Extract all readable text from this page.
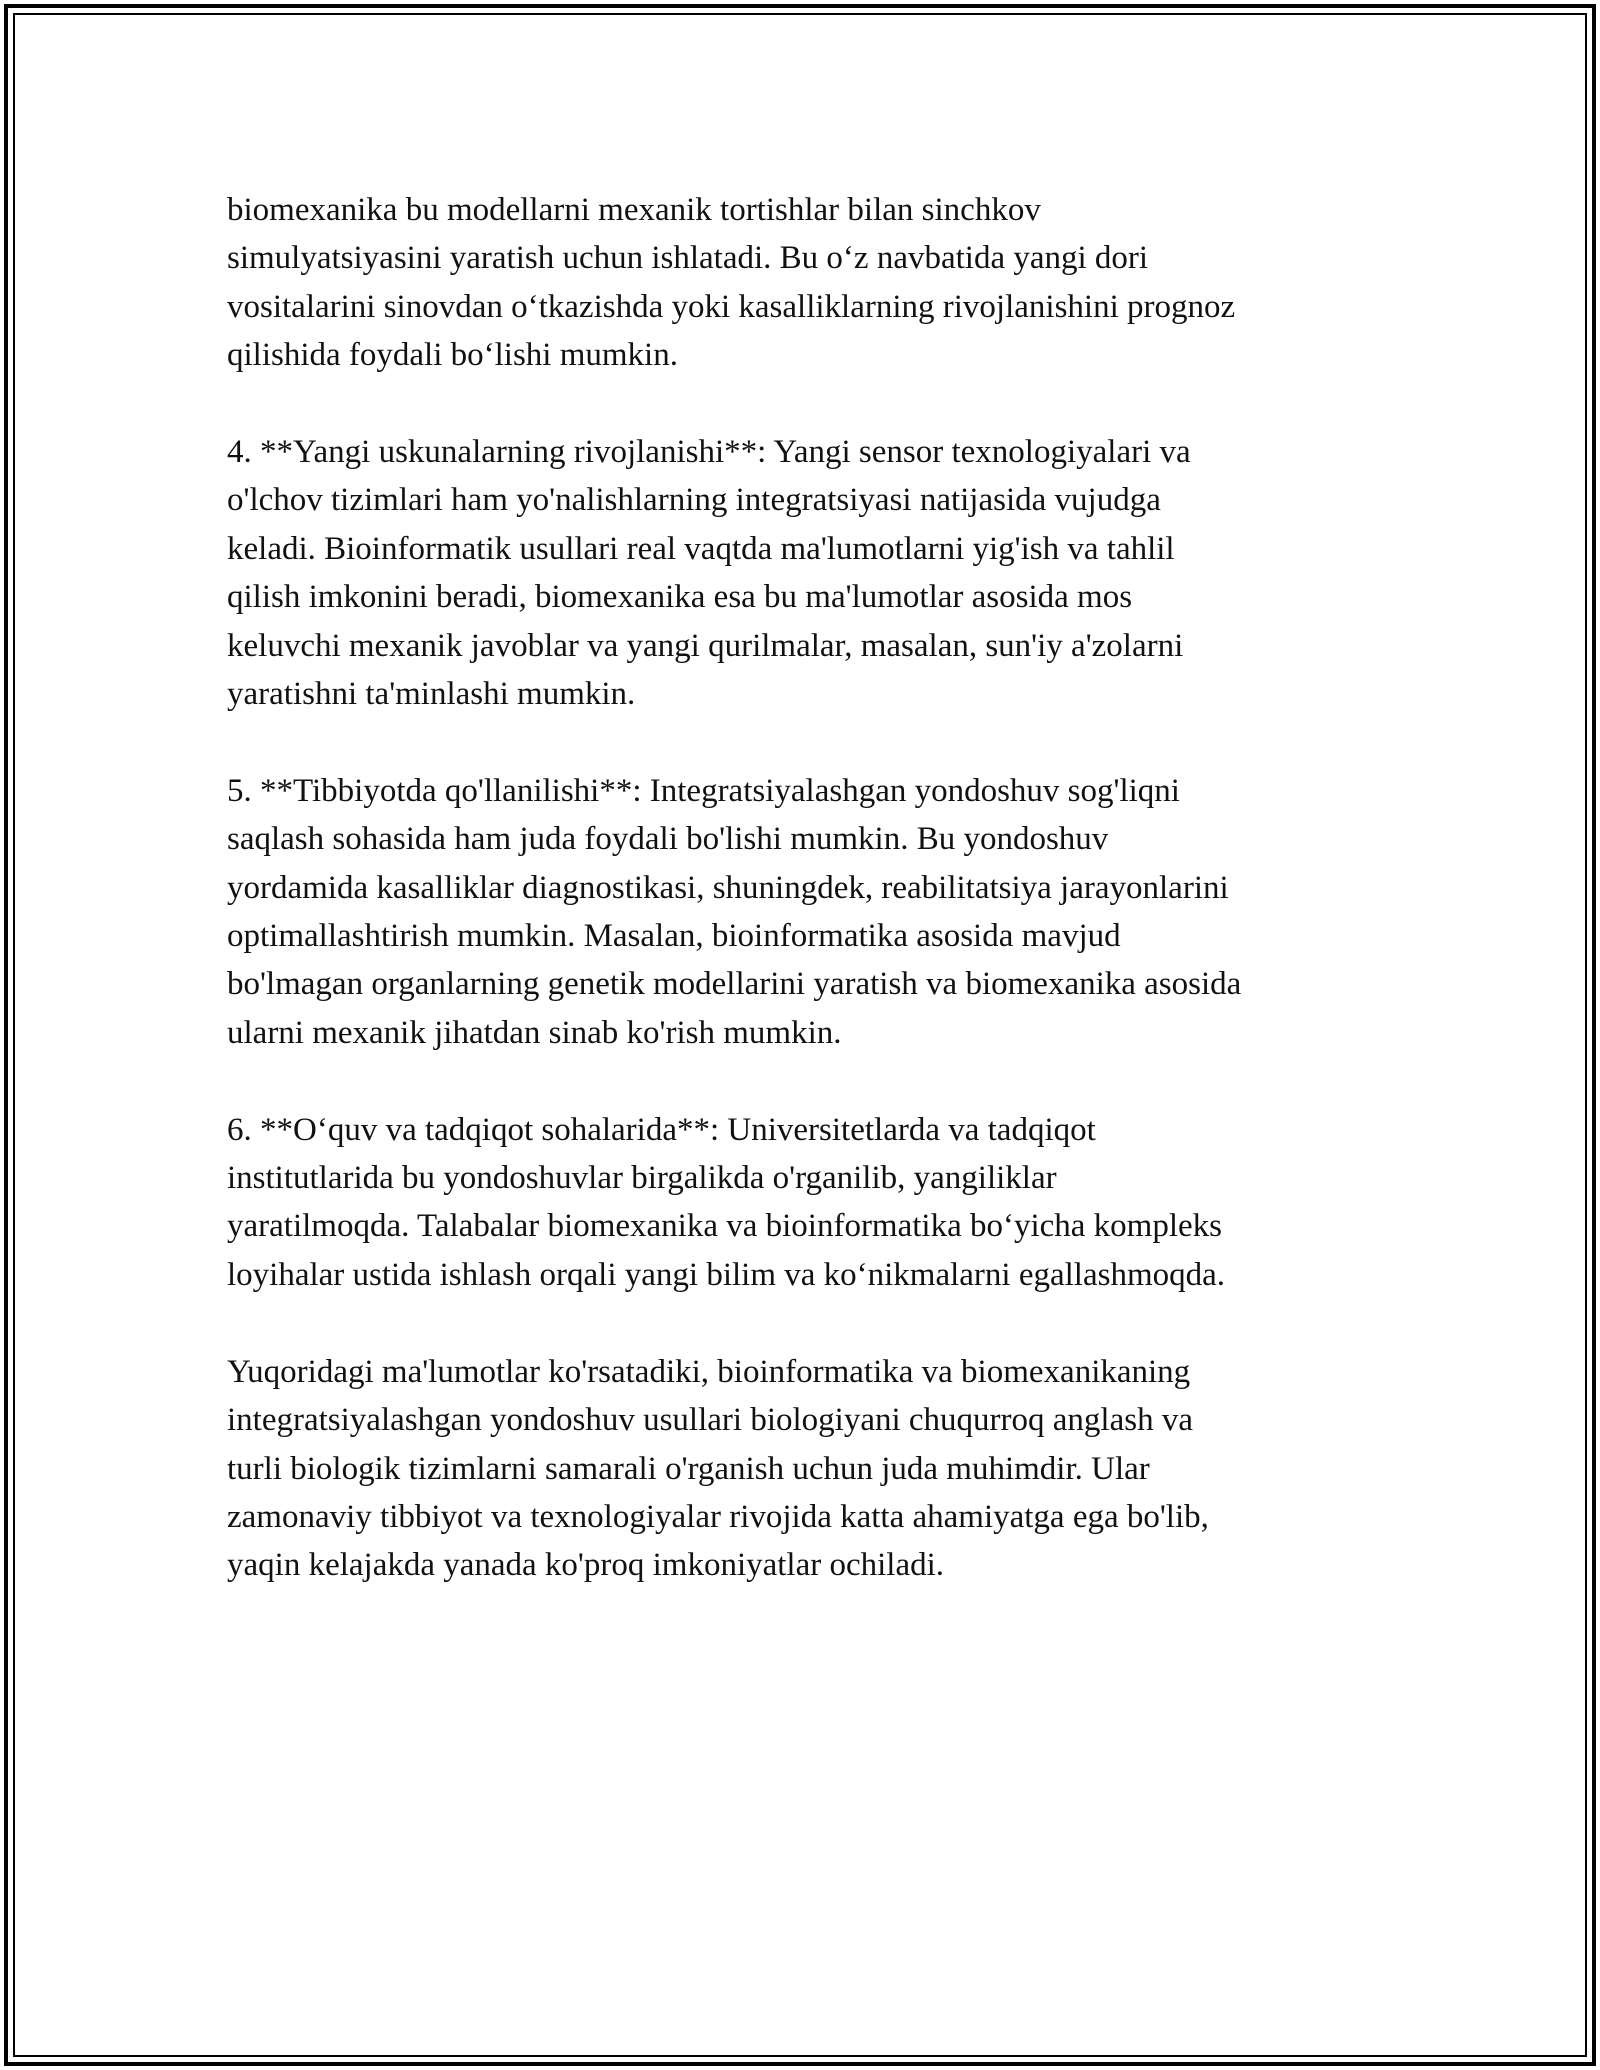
biomexanika bu modellarni mexanik tortishlar bilan sinchkov
simulyatsiyasini yaratish uchun ishlatadi. Bu o‘z navbatida yangi dori
vositalarini sinovdan o‘tkazishda yoki kasalliklarning rivojlanishini prognoz
qilishida foydali bo‘lishi mumkin.

4. **Yangi uskunalarning rivojlanishi**: Yangi sensor texnologiyalari va
o'lchov tizimlari ham yo'nalishlarning integratsiyasi natijasida vujudga
keladi. Bioinformatik usullari real vaqtda ma'lumotlarni yig'ish va tahlil
qilish imkonini beradi, biomexanika esa bu ma'lumotlar asosida mos
keluvchi mexanik javoblar va yangi qurilmalar, masalan, sun'iy a'zolarni
yaratishni ta'minlashi mumkin.

5. **Tibbiyotda qo'llanilishi**: Integratsiyalashgan yondoshuv sog'liqni
saqlash sohasida ham juda foydali bo'lishi mumkin. Bu yondoshuv
yordamida kasalliklar diagnostikasi, shuningdek, reabilitatsiya jarayonlarini
optimallashtirish mumkin. Masalan, bioinformatika asosida mavjud
bo'lmagan organlarning genetik modellarini yaratish va biomexanika asosida
ularni mexanik jihatdan sinab ko'rish mumkin.

6. **O‘quv va tadqiqot sohalarida**: Universitetlarda va tadqiqot
institutlarida bu yondoshuvlar birgalikda o'rganilib, yangiliklar
yaratilmoqda. Talabalar biomexanika va bioinformatika bo‘yicha kompleks
loyihalar ustida ishlash orqali yangi bilim va ko‘nikmalarni egallashmoqda.

Yuqoridagi ma'lumotlar ko'rsatadiki, bioinformatika va biomexanikaning
integratsiyalashgan yondoshuv usullari biologiyani chuqurroq anglash va
turli biologik tizimlarni samarali o'rganish uchun juda muhimdir. Ular
zamonaviy tibbiyot va texnologiyalar rivojida katta ahamiyatga ega bo'lib,
yaqin kelajakda yanada ko'proq imkoniyatlar ochiladi.
